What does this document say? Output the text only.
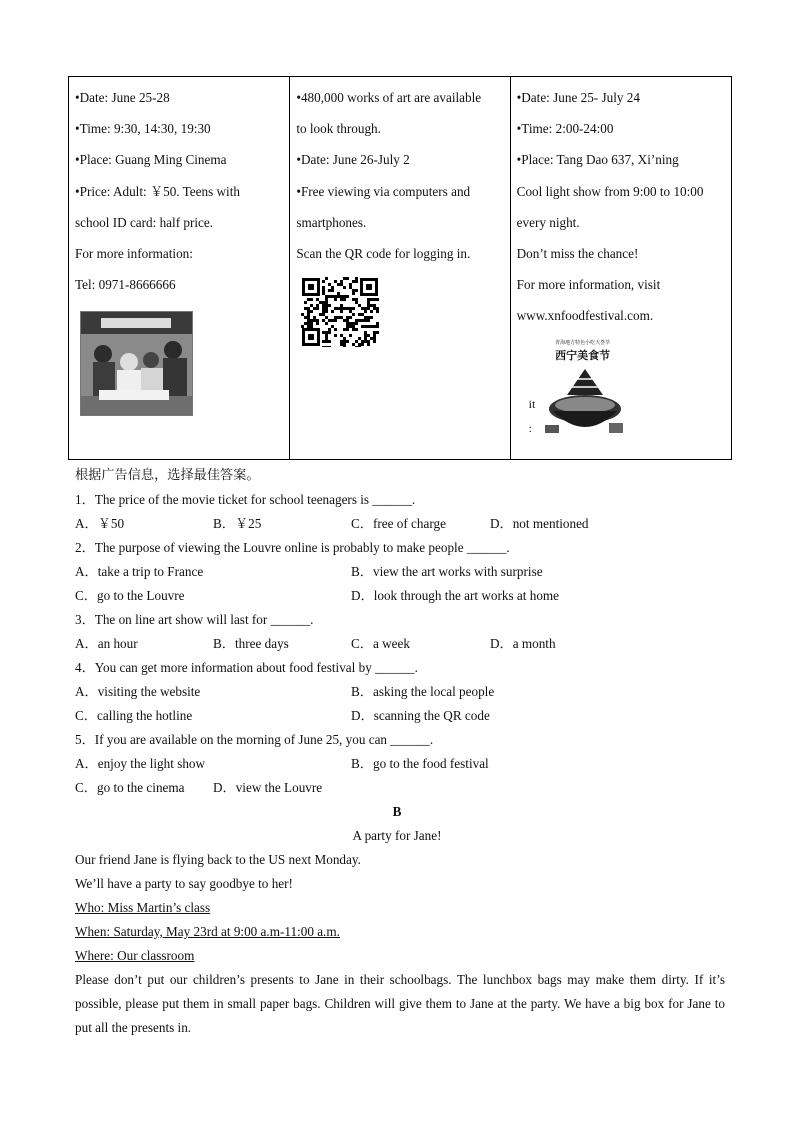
•Date: June 25-28
•Time: 9:30, 14:30, 19:30
•Place: Guang Ming Cinema
•Price: Adult: ￥50. Teens with
school ID card: half price.
For more information:
Tel: 0971-8666666
•480,000 works of art are available
to look through.
•Date: June 26-July 2
•Free viewing via computers and
smartphones.
Scan the QR code for logging in.
•Date: June 25- July 24
•Time: 2:00-24:00
•Place: Tang Dao 637, Xi’ning
Cool light show from 9:00 to 10:00
every night.
Don’t miss the chance!
For more information, visit
www.xnfoodfestival.com.
青海地方特色小吃大荟萃
西宁美食节
it
:
根据广告信息，选择最佳答案。
1．The price of the movie ticket for school teenagers is ______.
A．￥50	B．￥25	C．free of charge	D．not mentioned
2．The purpose of viewing the Louvre online is probably to make people ______.
A．take a trip to France	B．view the art works with surprise
C．go to the Louvre	D．look through the art works at home
3．The on line art show will last for ______.
A．an hour	B．three days	C．a week	D．a month
4．You can get more information about food festival by ______.
A．visiting the website	B．asking the local people
C．calling the hotline	D．scanning the QR code
5．If you are available on the morning of June 25, you can ______.
A．enjoy the light show	B．go to the food festival
C．go to the cinema D．view the Louvre
B
A party for Jane!
Our friend Jane is flying back to the US next Monday.
We’ll have a party to say goodbye to her!
Who: Miss Martin’s class
When: Saturday, May 23rd at 9:00 a.m-11:00 a.m.
Where: Our classroom
Please don’t put our children’s presents to Jane in their schoolbags. The lunchbox bags may make them dirty. If it’s possible, please put them in small paper bags. Children will give them to Jane at the party. We have a big box for Jane to put all the presents in.
